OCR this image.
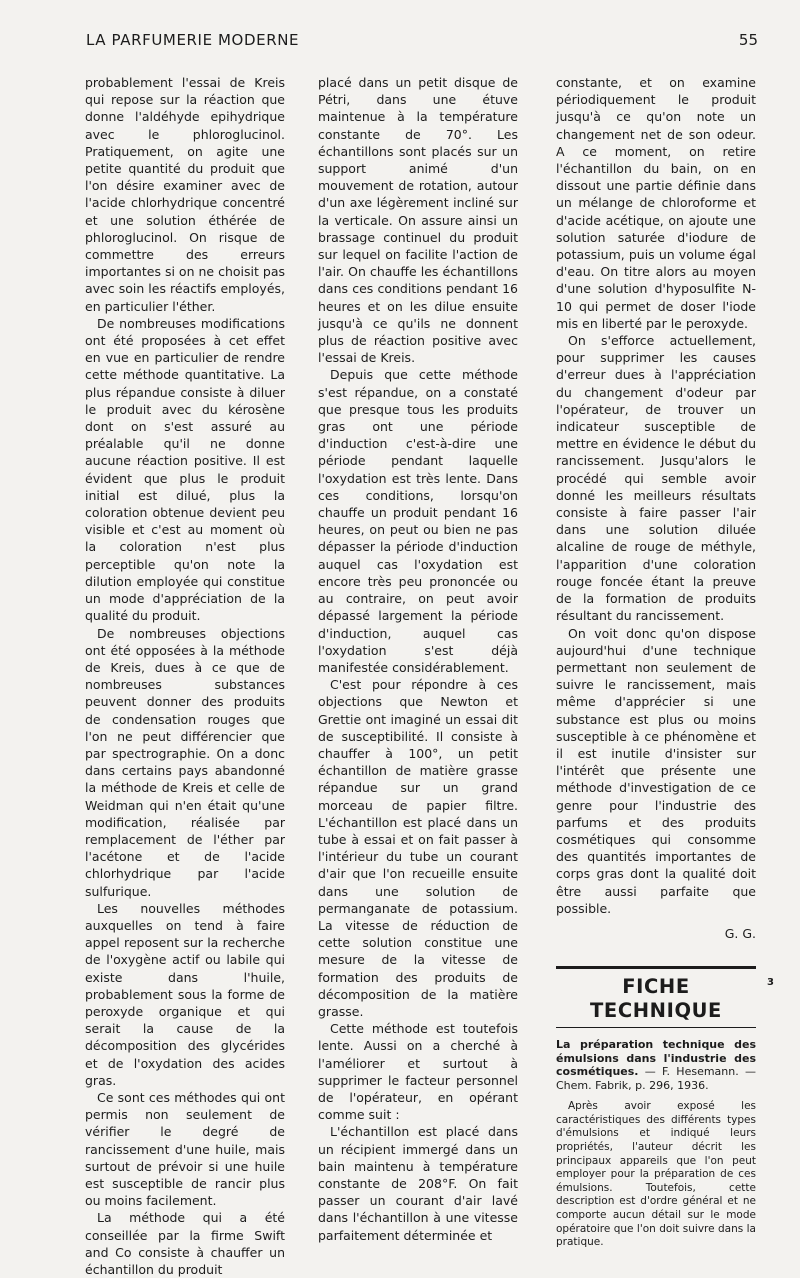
LA PARFUMERIE MODERNE	55

probablement l'essai de Kreis qui repose sur la réaction que donne l'aldéhyde epihydrique avec le phloroglucinol. Pratiquement, on agite une petite quantité du produit que l'on désire examiner avec de l'acide chlorhydrique concentré et une solution éthérée de phloroglucinol. On risque de commettre des erreurs importantes si on ne choisit pas avec soin les réactifs employés, en particulier l'éther.

De nombreuses modifications ont été proposées à cet effet en vue en particulier de rendre cette méthode quantitative. La plus répandue consiste à diluer le produit avec du kérosène dont on s'est assuré au préalable qu'il ne donne aucune réaction positive. Il est évident que plus le produit initial est dilué, plus la coloration obtenue devient peu visible et c'est au moment où la coloration n'est plus perceptible qu'on note la dilution employée qui constitue un mode d'appréciation de la qualité du produit.

De nombreuses objections ont été opposées à la méthode de Kreis, dues à ce que de nombreuses substances peuvent donner des produits de condensation rouges que l'on ne peut différencier que par spectrographie. On a donc dans certains pays abandonné la méthode de Kreis et celle de Weidman qui n'en était qu'une modification, réalisée par remplacement de l'éther par l'acétone et de l'acide chlorhydrique par l'acide sulfurique.

Les nouvelles méthodes auxquelles on tend à faire appel reposent sur la recherche de l'oxygène actif ou labile qui existe dans l'huile, probablement sous la forme de peroxyde organique et qui serait la cause de la décomposition des glycérides et de l'oxydation des acides gras.

Ce sont ces méthodes qui ont permis non seulement de vérifier le degré de rancissement d'une huile, mais surtout de prévoir si une huile est susceptible de rancir plus ou moins facilement.

La méthode qui a été conseillée par la firme Swift and Co consiste à chauffer un échantillon du produit

placé dans un petit disque de Pétri, dans une étuve maintenue à la température constante de 70°. Les échantillons sont placés sur un support animé d'un mouvement de rotation, autour d'un axe légèrement incliné sur la verticale. On assure ainsi un brassage continuel du produit sur lequel on facilite l'action de l'air. On chauffe les échantillons dans ces conditions pendant 16 heures et on les dilue ensuite jusqu'à ce qu'ils ne donnent plus de réaction positive avec l'essai de Kreis.

Depuis que cette méthode s'est répandue, on a constaté que presque tous les produits gras ont une période d'induction c'est-à-dire une période pendant laquelle l'oxydation est très lente. Dans ces conditions, lorsqu'on chauffe un produit pendant 16 heures, on peut ou bien ne pas dépasser la période d'induction auquel cas l'oxydation est encore très peu prononcée ou au contraire, on peut avoir dépassé largement la période d'induction, auquel cas l'oxydation s'est déjà manifestée considérablement.

C'est pour répondre à ces objections que Newton et Grettie ont imaginé un essai dit de susceptibilité. Il consiste à chauffer à 100°, un petit échantillon de matière grasse répandue sur un grand morceau de papier filtre. L'échantillon est placé dans un tube à essai et on fait passer à l'intérieur du tube un courant d'air que l'on recueille ensuite dans une solution de permanganate de potassium. La vitesse de réduction de cette solution constitue une mesure de la vitesse de formation des produits de décomposition de la matière grasse.

Cette méthode est toutefois lente. Aussi on a cherché à l'améliorer et surtout à supprimer le facteur personnel de l'opérateur, en opérant comme suit :

L'échantillon est placé dans un récipient immergé dans un bain maintenu à température constante de 208°F. On fait passer un courant d'air lavé dans l'échantillon à une vitesse parfaitement déterminée et

constante, et on examine périodiquement le produit jusqu'à ce qu'on note un changement net de son odeur. A ce moment, on retire l'échantillon du bain, on en dissout une partie définie dans un mélange de chloroforme et d'acide acétique, on ajoute une solution saturée d'iodure de potassium, puis un volume égal d'eau. On titre alors au moyen d'une solution d'hyposulfite N-10 qui permet de doser l'iode mis en liberté par le peroxyde.

On s'efforce actuellement, pour supprimer les causes d'erreur dues à l'appréciation du changement d'odeur par l'opérateur, de trouver un indicateur susceptible de mettre en évidence le début du rancissement. Jusqu'alors le procédé qui semble avoir donné les meilleurs résultats consiste à faire passer l'air dans une solution diluée alcaline de rouge de méthyle, l'apparition d'une coloration rouge foncée étant la preuve de la formation de produits résultant du rancissement.

On voit donc qu'on dispose aujourd'hui d'une technique permettant non seulement de suivre le rancissement, mais même d'apprécier si une substance est plus ou moins susceptible à ce phénomène et il est inutile d'insister sur l'intérêt que présente une méthode d'investigation de ce genre pour l'industrie des parfums et des produits cosmétiques qui consomme des quantités importantes de corps gras dont la qualité doit être aussi parfaite que possible.

G. G.
FICHE TECHNIQUE
La préparation technique des émulsions dans l'industrie des cosmétiques. — F. Hesemann. — Chem. Fabrik, p. 296, 1936.
Après avoir exposé les caractéristiques des différents types d'émulsions et indiqué leurs propriétés, l'auteur décrit les principaux appareils que l'on peut employer pour la préparation de ces émulsions. Toutefois, cette description est d'ordre général et ne comporte aucun détail sur le mode opératoire que l'on doit suivre dans la pratique.
3
